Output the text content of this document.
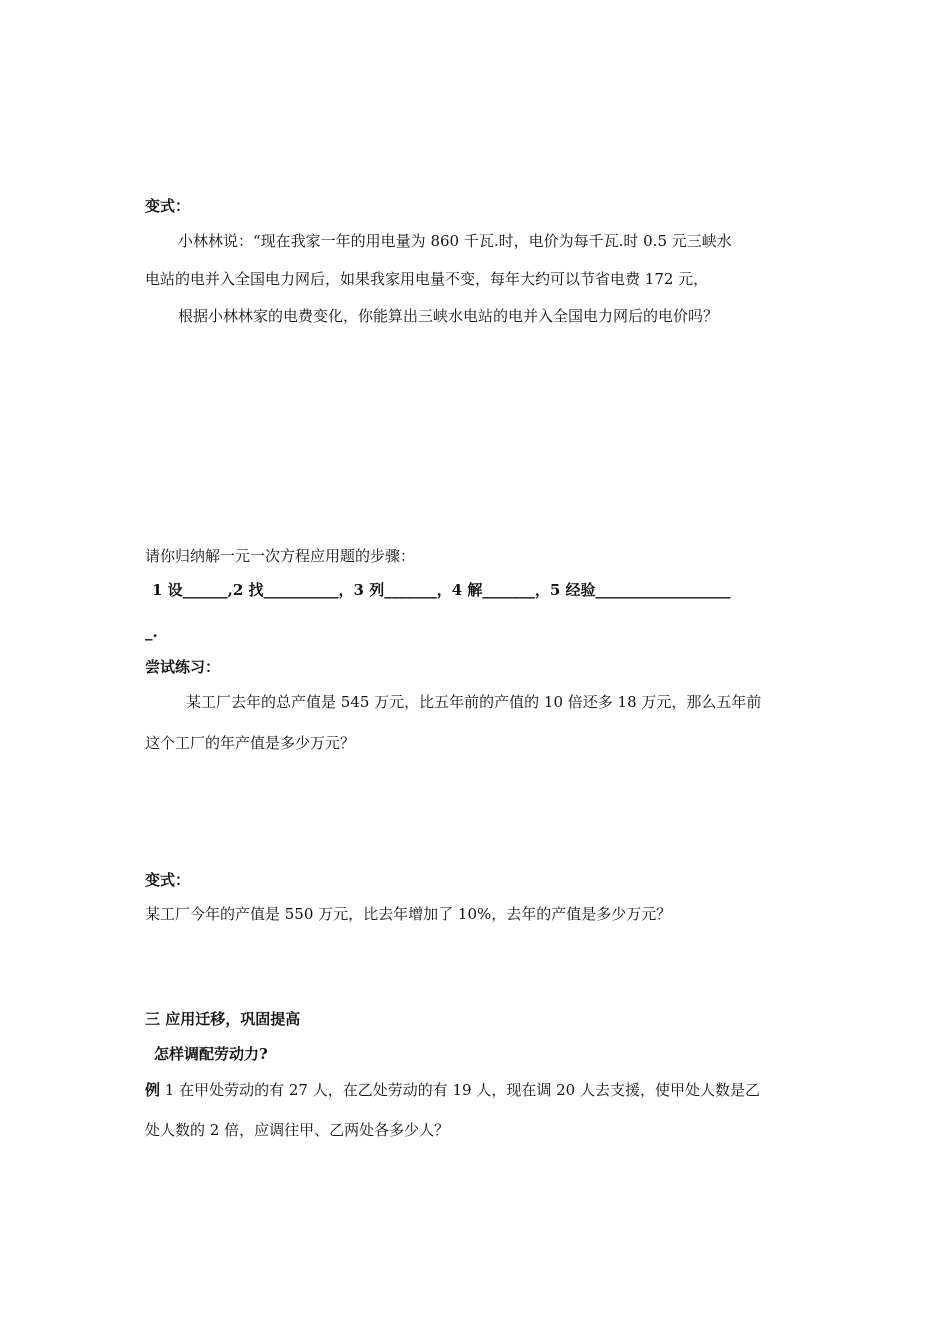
变式：
小林林说：“现在我家一年的用电量为 860 千瓦.时，电价为每千瓦.时 0.5 元三峡水
电站的电并入全国电力网后，如果我家用电量不变，每年大约可以节省电费 172 元，
根据小林林家的电费变化，你能算出三峡水电站的电并入全国电力网后的电价吗？
请你归纳解一元一次方程应用题的步骤：
1 设______,2 找__________，3 列_______，4 解_______，5 经验__________________
_.
尝试练习：
某工厂去年的总产值是 545 万元，比五年前的产值的 10 倍还多 18 万元，那么五年前
这个工厂的年产值是多少万元？
变式：
某工厂今年的产值是 550 万元，比去年增加了 10%，去年的产值是多少万元？
三 应用迁移，巩固提高
怎样调配劳动力?
例 1 在甲处劳动的有 27 人，在乙处劳动的有 19 人，现在调 20 人去支援，使甲处人数是乙
处人数的 2 倍，应调往甲、乙两处各多少人？
